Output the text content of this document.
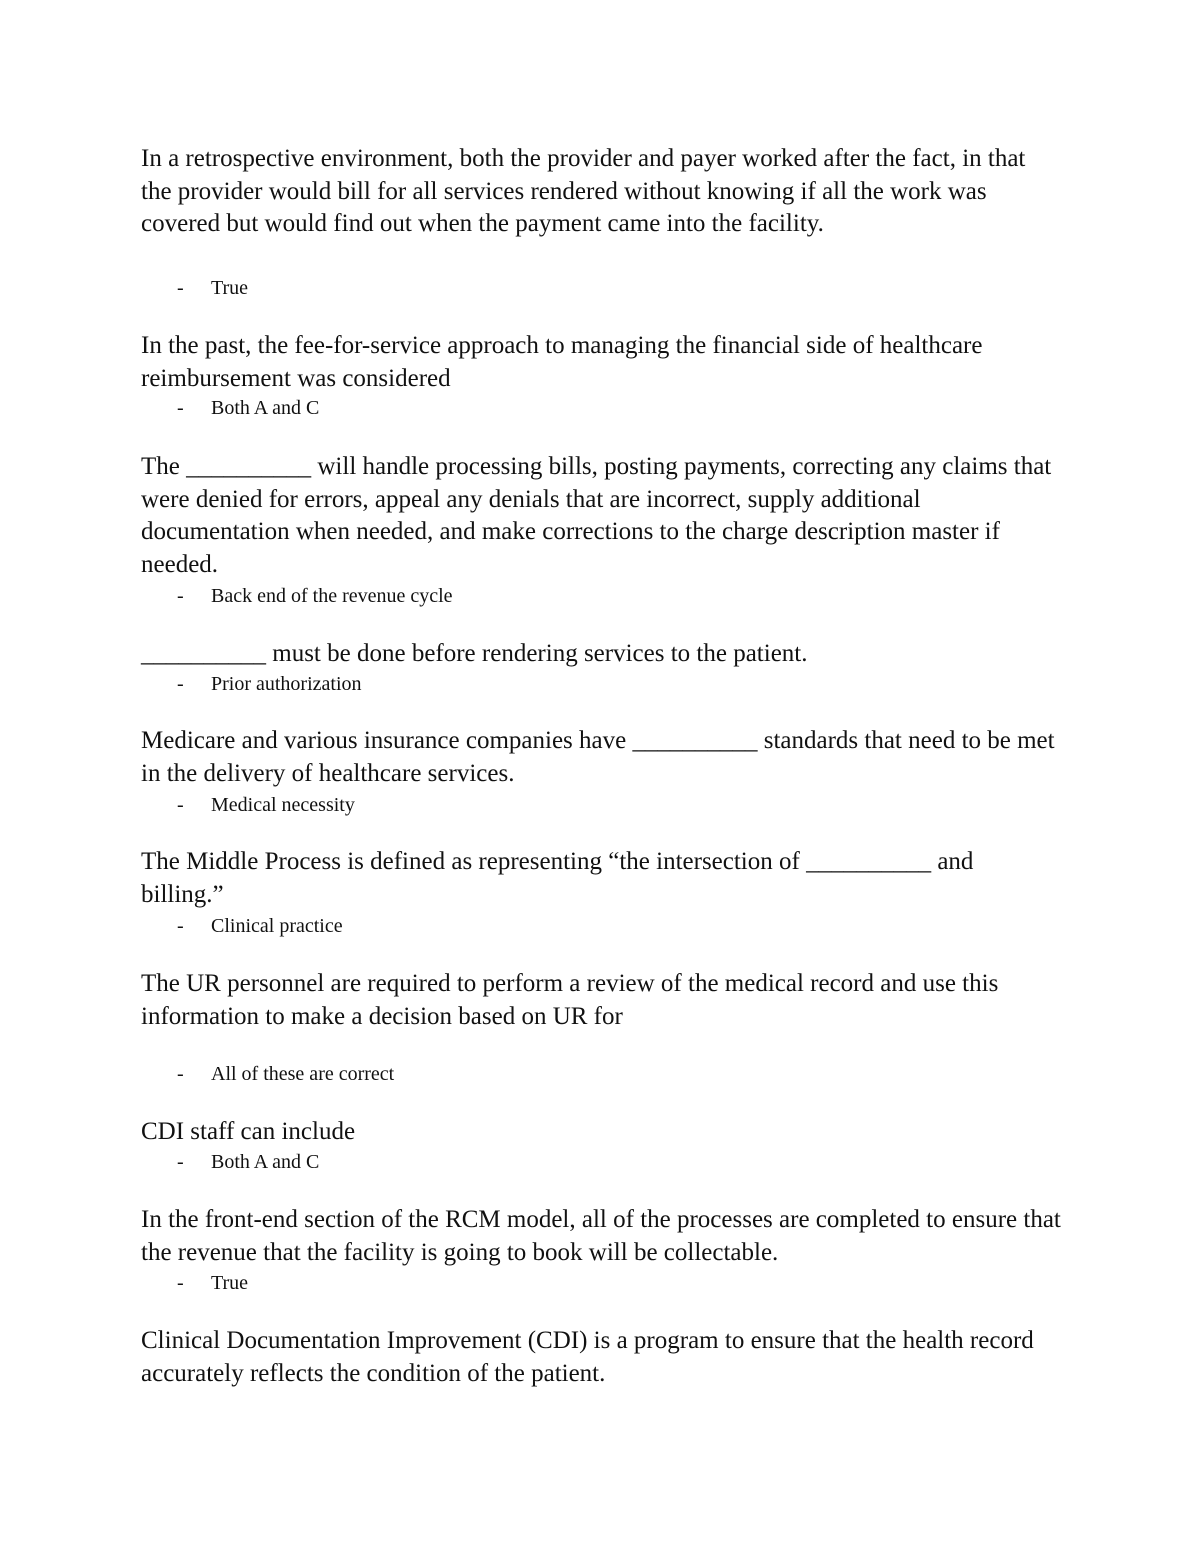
In a retrospective environment, both the provider and payer worked after the fact, in that the provider would bill for all services rendered without knowing if all the work was covered but would find out when the payment came into the facility.

- True

In the past, the fee-for-service approach to managing the financial side of healthcare reimbursement was considered

- Both A and C

The __________ will handle processing bills, posting payments, correcting any claims that were denied for errors, appeal any denials that are incorrect, supply additional documentation when needed, and make corrections to the charge description master if needed.

- Back end of the revenue cycle

__________ must be done before rendering services to the patient.

- Prior authorization

Medicare and various insurance companies have __________ standards that need to be met in the delivery of healthcare services.

- Medical necessity

The Middle Process is defined as representing “the intersection of __________ and billing.”

- Clinical practice

The UR personnel are required to perform a review of the medical record and use this information to make a decision based on UR for

- All of these are correct

CDI staff can include

- Both A and C

In the front-end section of the RCM model, all of the processes are completed to ensure that the revenue that the facility is going to book will be collectable.

- True

Clinical Documentation Improvement (CDI) is a program to ensure that the health record accurately reflects the condition of the patient.
